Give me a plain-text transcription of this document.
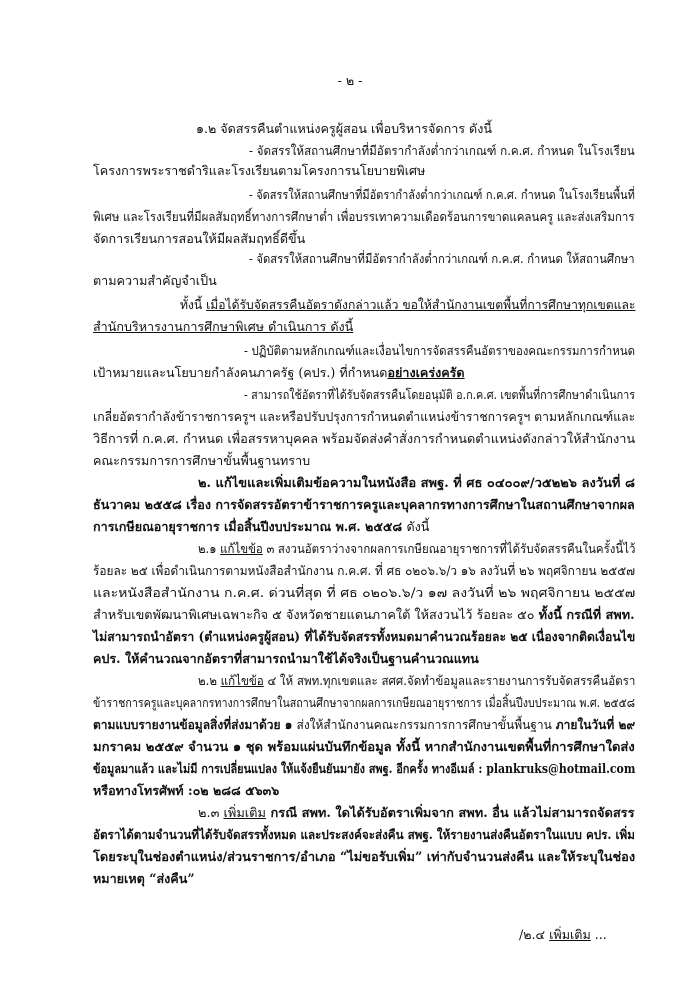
- ๒ -
๑.๒ จัดสรรคืนตำแหน่งครูผู้สอน เพื่อบริหารจัดการ ดังนี้
- จัดสรรให้สถานศึกษาที่มีอัตรากำลังต่ำกว่าเกณฑ์ ก.ค.ศ. กำหนด ในโรงเรียน
โครงการพระราชดำริและโรงเรียนตามโครงการนโยบายพิเศษ
- จัดสรรให้สถานศึกษาที่มีอัตรากำลังต่ำกว่าเกณฑ์ ก.ค.ศ. กำหนด ในโรงเรียนพื้นที่
พิเศษ และโรงเรียนที่มีผลสัมฤทธิ์ทางการศึกษาต่ำ เพื่อบรรเทาความเดือดร้อนการขาดแคลนครู และส่งเสริมการ
จัดการเรียนการสอนให้มีผลสัมฤทธิ์ดีขึ้น
- จัดสรรให้สถานศึกษาที่มีอัตรากำลังต่ำกว่าเกณฑ์ ก.ค.ศ. กำหนด ให้สถานศึกษา
ตามความสำคัญจำเป็น
ทั้งนี้ เมื่อได้รับจัดสรรคืนอัตราดังกล่าวแล้ว ขอให้สำนักงานเขตพื้นที่การศึกษาทุกเขตและ
สำนักบริหารงานการศึกษาพิเศษ ดำเนินการ ดังนี้
- ปฏิบัติตามหลักเกณฑ์และเงื่อนไขการจัดสรรคืนอัตราของคณะกรรมการกำหนด
เป้าหมายและนโยบายกำลังคนภาครัฐ (คปร.) ที่กำหนดอย่างเคร่งครัด
- สามารถใช้อัตราที่ได้รับจัดสรรคืนโดยอนุมัติ อ.ก.ค.ศ. เขตพื้นที่การศึกษาดำเนินการ
เกลี่ยอัตรากำลังข้าราชการครูฯ และหรือปรับปรุงการกำหนดตำแหน่งข้าราชการครูฯ ตามหลักเกณฑ์และ
วิธีการที่ ก.ค.ศ. กำหนด เพื่อสรรหาบุคคล พร้อมจัดส่งคำสั่งการกำหนดตำแหน่งดังกล่าวให้สำนักงาน
คณะกรรมการการศึกษาขั้นพื้นฐานทราบ
๒. แก้ไขและเพิ่มเติมข้อความในหนังสือ สพฐ. ที่ ศธ ๐๔๐๐๙/ว๕๒๒๖ ลงวันที่ ๘
ธันวาคม ๒๕๕๘ เรื่อง การจัดสรรอัตราข้าราชการครูและบุคลากรทางการศึกษาในสถานศึกษาจากผล
การเกษียณอายุราชการ เมื่อสิ้นปีงบประมาณ พ.ศ. ๒๕๕๘ ดังนี้
๒.๑ แก้ไขข้อ ๓ สงวนอัตราว่างจากผลการเกษียณอายุราชการที่ได้รับจัดสรรคืนในครั้งนี้ไว้
ร้อยละ ๒๕ เพื่อดำเนินการตามหนังสือสำนักงาน ก.ค.ศ. ที่ ศธ ๐๒๐๖.๖/ว ๑๖ ลงวันที่ ๒๖ พฤศจิกายน ๒๕๕๗
และหนังสือสำนักงาน ก.ค.ศ. ด่วนที่สุด ที่ ศธ ๐๒๐๖.๖/ว ๑๗ ลงวันที่ ๒๖ พฤศจิกายน ๒๕๕๗
สำหรับเขตพัฒนาพิเศษเฉพาะกิจ ๕ จังหวัดชายแดนภาคใต้ ให้สงวนไว้ ร้อยละ ๕๐ ทั้งนี้ กรณีที่ สพท.
ไม่สามารถนำอัตรา (ตำแหน่งครูผู้สอน) ที่ได้รับจัดสรรทั้งหมดมาคำนวณร้อยละ ๒๕ เนื่องจากติดเงื่อนไข
คปร. ให้คำนวณจากอัตราที่สามารถนำมาใช้ได้จริงเป็นฐานคำนวณแทน
๒.๒ แก้ไขข้อ ๔ ให้ สพท.ทุกเขตและ สศศ.จัดทำข้อมูลและรายงานการรับจัดสรรคืนอัตรา
ข้าราชการครูและบุคลากรทางการศึกษาในสถานศึกษาจากผลการเกษียณอายุราชการ เมื่อสิ้นปีงบประมาณ พ.ศ. ๒๕๕๘
ตามแบบรายงานข้อมูลสิ่งที่ส่งมาด้วย ๑ ส่งให้สำนักงานคณะกรรมการการศึกษาขั้นพื้นฐาน ภายในวันที่ ๒๙
มกราคม ๒๕๕๙ จำนวน ๑ ชุด พร้อมแผ่นบันทึกข้อมูล ทั้งนี้ หากสำนักงานเขตพื้นที่การศึกษาใดส่ง
ข้อมูลมาแล้ว และไม่มี การเปลี่ยนแปลง ให้แจ้งยืนยันมายัง สพฐ. อีกครั้ง ทางอีเมล์ : plankruks@hotmail.com
หรือทางโทรศัพท์ :๐๒ ๒๘๘ ๕๖๓๖
๒.๓ เพิ่มเติม กรณี สพท. ใดได้รับอัตราเพิ่มจาก สพท. อื่น แล้วไม่สามารถจัดสรร
อัตราได้ตามจำนวนที่ได้รับจัดสรรทั้งหมด และประสงค์จะส่งคืน สพฐ. ให้รายงานส่งคืนอัตราในแบบ คปร. เพิ่ม
โดยระบุในช่องตำแหน่ง/ส่วนราชการ/อำเภอ “ไม่ขอรับเพิ่ม” เท่ากับจำนวนส่งคืน และให้ระบุในช่อง
หมายเหตุ “ส่งคืน”
/๒.๔ เพิ่มเติม ...
